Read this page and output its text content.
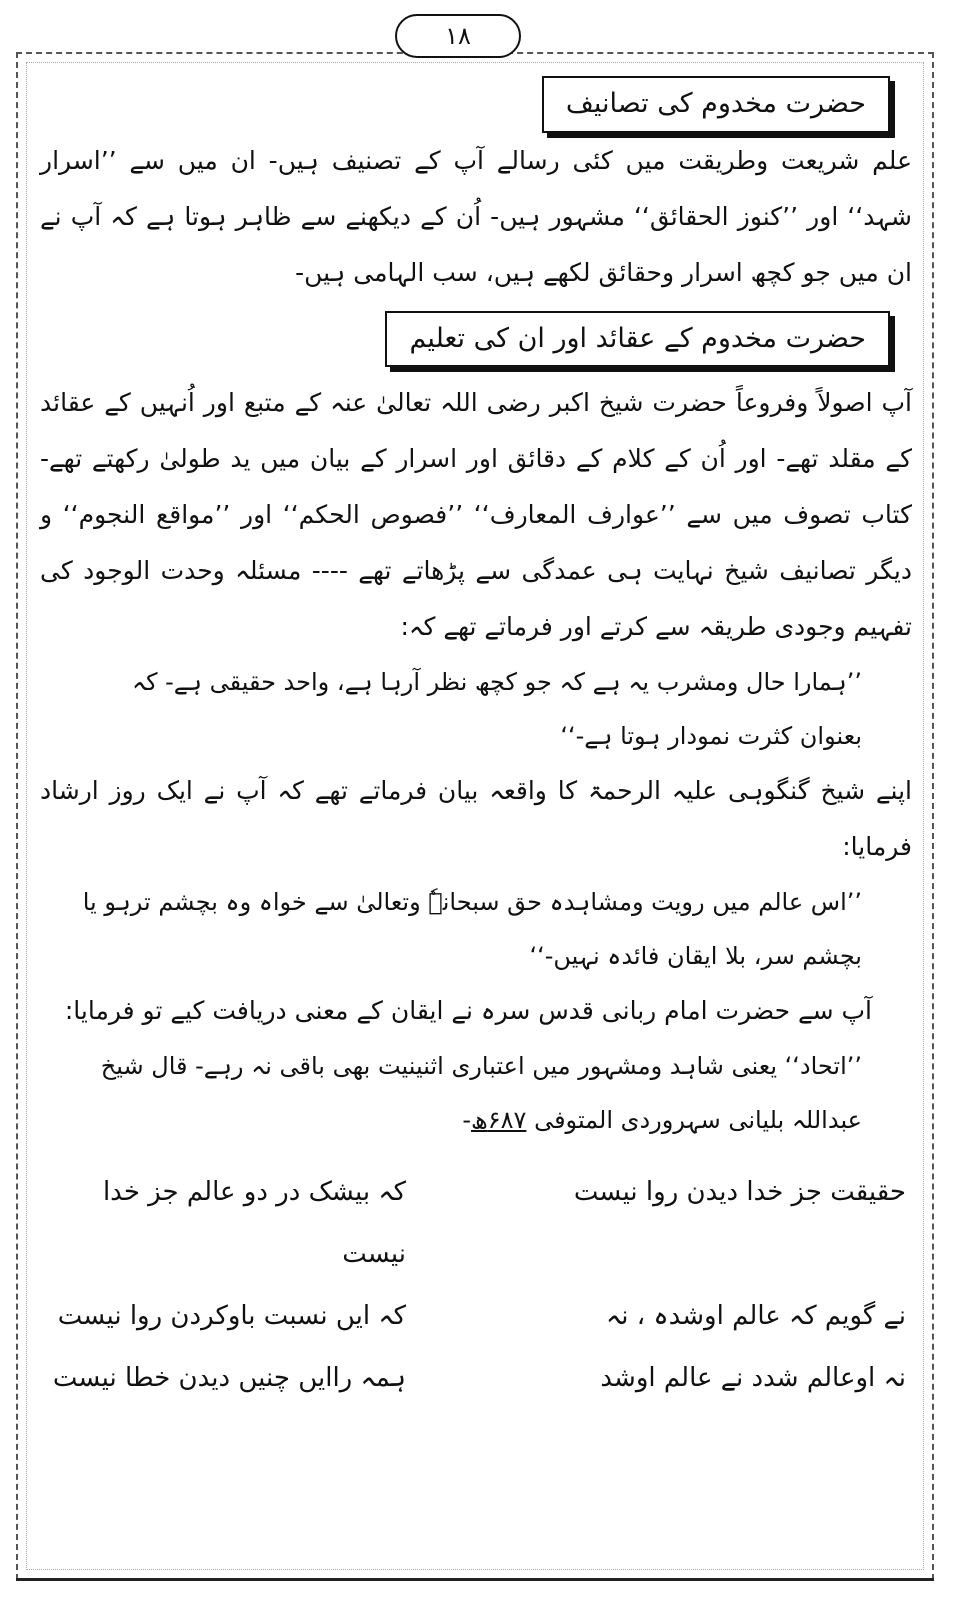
۱۸
حضرت مخدوم کی تصانیف

علم شریعت وطریقت میں کئی رسالے آپ کے تصنیف ہیں- ان میں سے ’’اسرار شہد‘‘ اور ’’کنوز الحقائق‘‘ مشہور ہیں- اُن کے دیکھنے سے ظاہر ہوتا ہے کہ آپ نے ان میں جو کچھ اسرار وحقائق لکھے ہیں، سب الہامی ہیں-

حضرت مخدوم کے عقائد اور ان کی تعلیم

آپ اصولاً وفروعاً حضرت شیخ اکبر رضی اللہ تعالیٰ عنہ کے متبع اور اُنہیں کے عقائد کے مقلد تھے- اور اُن کے کلام کے دقائق اور اسرار کے بیان میں ید طولیٰ رکھتے تھے- کتاب تصوف میں سے ’’عوارف المعارف‘‘ ’’فصوص الحکم‘‘ اور ’’مواقع النجوم‘‘ و دیگر تصانیف شیخ نہایت ہی عمدگی سے پڑھاتے تھے ---- مسئلہ وحدت الوجود کی تفہیم وجودی طریقہ سے کرتے اور فرماتے تھے کہ:

’’ہمارا حال ومشرب یہ ہے کہ جو کچھ نظر آرہا ہے، واحد حقیقی ہے- کہ بعنوان کثرت نمودار ہوتا ہے-‘‘

اپنے شیخ گنگوہی علیہ الرحمۃ کا واقعہ بیان فرماتے تھے کہ آپ نے ایک روز ارشاد فرمایا:

’’اس عالم میں رویت ومشاہدہ حق سبحانہٗ وتعالیٰ سے خواہ وہ بچشم ترہو یا بچشم سر، بلا ایقان فائدہ نہیں-‘‘

آپ سے حضرت امام ربانی قدس سرہ نے ایقان کے معنی دریافت کیے تو فرمایا:

’’اتحاد‘‘ یعنی شاہد ومشہور میں اعتباری اثنینیت بھی باقی نہ رہے- قال شیخ عبداللہ بلیانی سہروردی المتوفی ۶۸۷ھ-

حقیقت جز خدا دیدن روا نیست
کہ بیشک در دو عالم جز خدا نیست
نے گویم کہ عالم اوشدہ ، نہ
کہ ایں نسبت باوکردن روا نیست
نہ اوعالم شدد نے عالم اوشد
ہمہ راایں چنیں دیدن خطا نیست
